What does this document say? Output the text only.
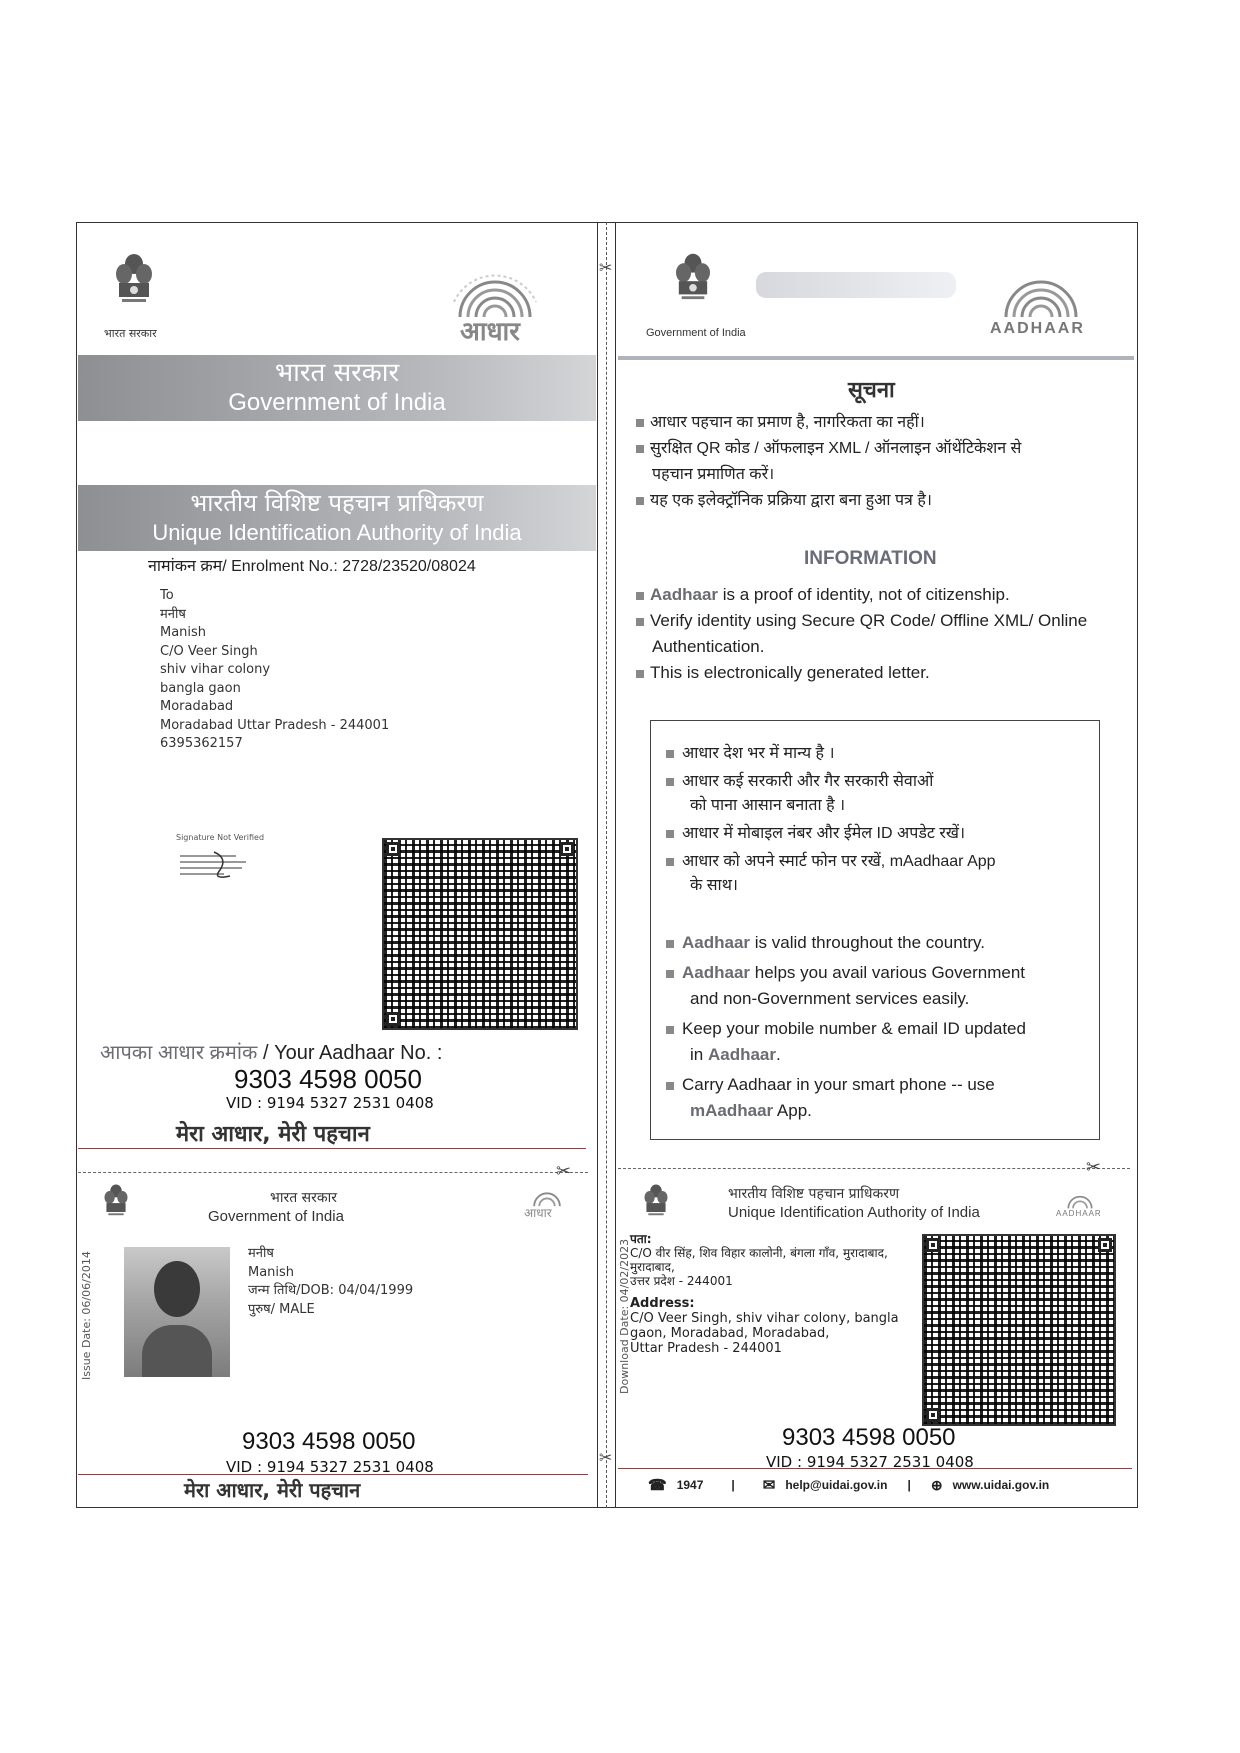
✂
✂
भारत सरकार	आधार
भारत सरकार
Government of India
भारतीय विशिष्ट पहचान प्राधिकरण
Unique Identification Authority of India
नामांकन क्रम/ Enrolment No.: 2728/23520/08024
To
मनीष
Manish
C/O Veer Singh
shiv vihar colony
bangla gaon
Moradabad
Moradabad Uttar Pradesh - 244001
6395362157
Signature Not Verified
आपका आधार क्रमांक / Your Aadhaar No. :
9303 4598 0050
VID : 9194 5327 2531 0408
मेरा आधार, मेरी पहचान
✂
भारत सरकार
Government of India	आधार
Issue Date: 06/06/2014	मनीष
Manish
जन्म तिथि/DOB: 04/04/1999
पुरुष/ MALE
9303 4598 0050
VID : 9194 5327 2531 0408
मेरा आधार, मेरी पहचान
Government of India	AADHAAR
सूचना
आधार पहचान का प्रमाण है, नागरिकता का नहीं।
सुरक्षित QR कोड / ऑफलाइन XML / ऑनलाइन ऑथेंटिकेशन से
पहचान प्रमाणित करें।
यह एक इलेक्ट्रॉनिक प्रक्रिया द्वारा बना हुआ पत्र है।
INFORMATION
Aadhaar is a proof of identity, not of citizenship.
Verify identity using Secure QR Code/ Offline XML/ Online
Authentication.
This is electronically generated letter.
आधार देश भर में मान्य है ।
आधार कई सरकारी और गैर सरकारी सेवाओं
को पाना आसान बनाता है ।
आधार में मोबाइल नंबर और ईमेल ID अपडेट रखें।
आधार को अपने स्मार्ट फोन पर रखें, mAadhaar App
के साथ।
Aadhaar is valid throughout the country.
Aadhaar helps you avail various Government
and non-Government services easily.
Keep your mobile number & email ID updated
in Aadhaar.
Carry Aadhaar in your smart phone -- use
mAadhaar App.
✂
भारतीय विशिष्ट पहचान प्राधिकरण
Unique Identification Authority of India	AADHAAR
Download Date: 04/02/2023 पता:
C/O वीर सिंह, शिव विहार कालोनी, बंगला गाँव, मुरादाबाद,
मुरादाबाद,
उत्तर प्रदेश - 244001
Address:
C/O Veer Singh, shiv vihar colony, bangla
gaon, Moradabad, Moradabad,
Uttar Pradesh - 244001
9303 4598 0050
VID : 9194 5327 2531 0408
☎ 1947 | ✉ help@uidai.gov.in | ⊕ www.uidai.gov.in
